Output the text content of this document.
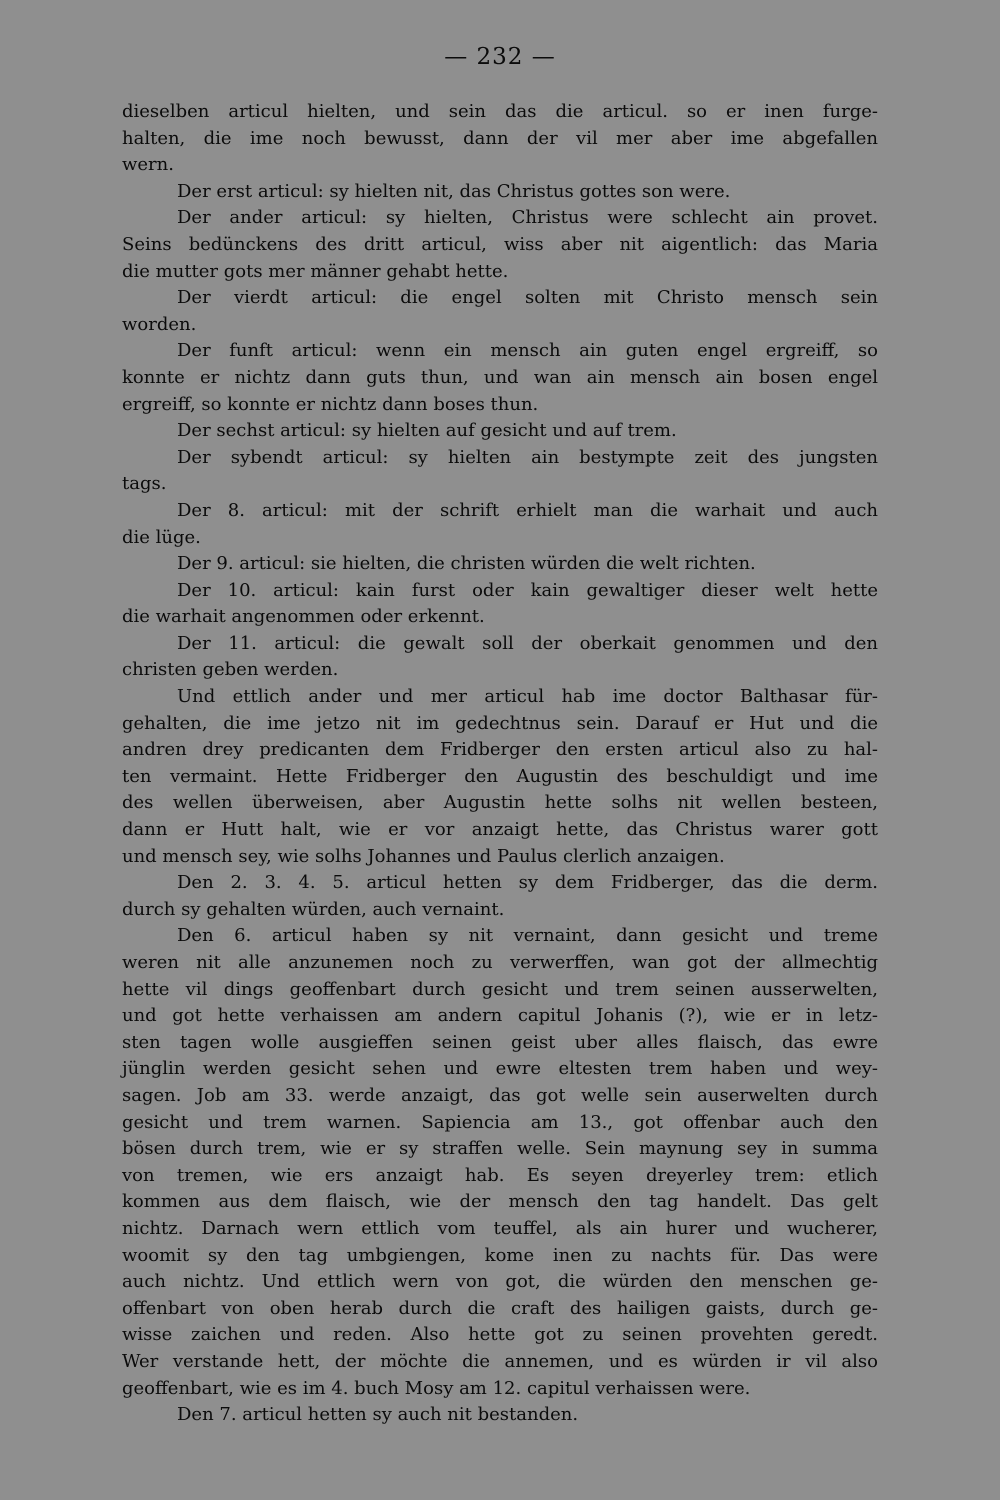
— 232 —
dieselben articul hielten, und sein das die articul. so er inen furge-
halten, die ime noch bewusst, dann der vil mer aber ime abgefallen
wern.
Der erst articul: sy hielten nit, das Christus gottes son were.
Der ander articul: sy hielten, Christus were schlecht ain provet.
Seins bedünckens des dritt articul, wiss aber nit aigentlich: das Maria
die mutter gots mer männer gehabt hette.
Der vierdt articul: die engel solten mit Christo mensch sein
worden.
Der funft articul: wenn ein mensch ain guten engel ergreiff, so
konnte er nichtz dann guts thun, und wan ain mensch ain bosen engel
ergreiff, so konnte er nichtz dann boses thun.
Der sechst articul: sy hielten auf gesicht und auf trem.
Der sybendt articul: sy hielten ain bestympte zeit des jungsten
tags.
Der 8. articul: mit der schrift erhielt man die warhait und auch
die lüge.
Der 9. articul: sie hielten, die christen würden die welt richten.
Der 10. articul: kain furst oder kain gewaltiger dieser welt hette
die warhait angenommen oder erkennt.
Der 11. articul: die gewalt soll der oberkait genommen und den
christen geben werden.
Und ettlich ander und mer articul hab ime doctor Balthasar für-
gehalten, die ime jetzo nit im gedechtnus sein. Darauf er Hut und die
andren drey predicanten dem Fridberger den ersten articul also zu hal-
ten vermaint. Hette Fridberger den Augustin des beschuldigt und ime
des wellen überweisen, aber Augustin hette solhs nit wellen besteen,
dann er Hutt halt, wie er vor anzaigt hette, das Christus warer gott
und mensch sey, wie solhs Johannes und Paulus clerlich anzaigen.
Den 2. 3. 4. 5. articul hetten sy dem Fridberger, das die derm.
durch sy gehalten würden, auch vernaint.
Den 6. articul haben sy nit vernaint, dann gesicht und treme
weren nit alle anzunemen noch zu verwerffen, wan got der allmechtig
hette vil dings geoffenbart durch gesicht und trem seinen ausserwelten,
und got hette verhaissen am andern capitul Johanis (?), wie er in letz-
sten tagen wolle ausgieffen seinen geist uber alles flaisch, das ewre
jünglin werden gesicht sehen und ewre eltesten trem haben und wey-
sagen. Job am 33. werde anzaigt, das got welle sein auserwelten durch
gesicht und trem warnen. Sapiencia am 13., got offenbar auch den
bösen durch trem, wie er sy straffen welle. Sein maynung sey in summa
von tremen, wie ers anzaigt hab. Es seyen dreyerley trem: etlich
kommen aus dem flaisch, wie der mensch den tag handelt. Das gelt
nichtz. Darnach wern ettlich vom teuffel, als ain hurer und wucherer,
woomit sy den tag umbgiengen, kome inen zu nachts für. Das were
auch nichtz. Und ettlich wern von got, die würden den menschen ge-
offenbart von oben herab durch die craft des hailigen gaists, durch ge-
wisse zaichen und reden. Also hette got zu seinen provehten geredt.
Wer verstande hett, der möchte die annemen, und es würden ir vil also
geoffenbart, wie es im 4. buch Mosy am 12. capitul verhaissen were.
Den 7. articul hetten sy auch nit bestanden.
